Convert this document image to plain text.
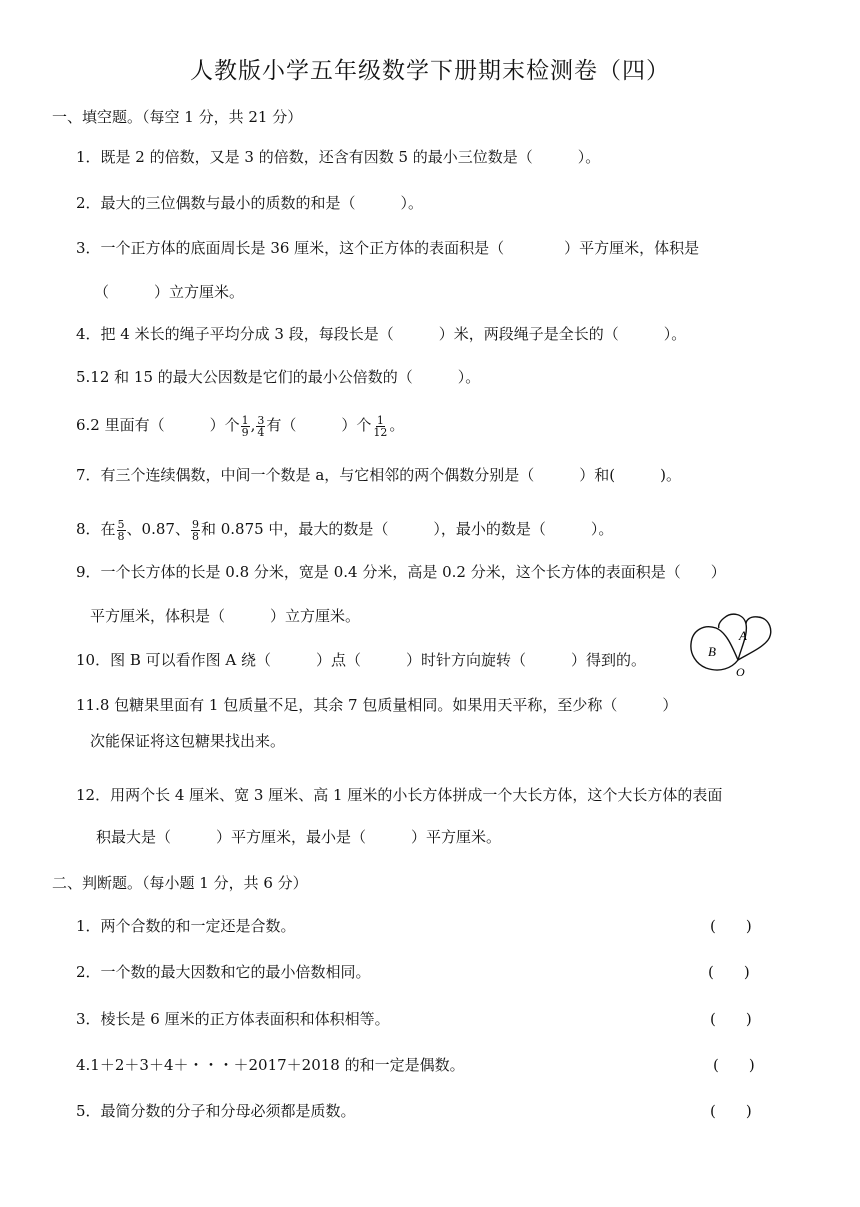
人教版小学五年级数学下册期末检测卷（四）
一、填空题。（每空 1 分，共 21 分）
1．既是 2 的倍数，又是 3 的倍数，还含有因数 5 的最小三位数是（　　　）。
2．最大的三位偶数与最小的质数的和是（　　　）。
3．一个正方体的底面周长是 36 厘米，这个正方体的表面积是（　　　　）平方厘米，体积是
（　　　）立方厘米。
4．把 4 米长的绳子平均分成 3 段，每段长是（　　　）米，两段绳子是全长的（　　　）。
5.12 和 15 的最大公因数是它们的最小公倍数的（　　　）。
6.2 里面有（　　　）个 $\frac{1}{9}$ , $\frac{3}{4}$ 有（　　　）个 $\frac{1}{12}$ 。
7．有三个连续偶数，中间一个数是 a，与它相邻的两个偶数分别是（　　　）和(　　　)。
8．在 $\frac{5}{8}$ 、0.87、 $\frac{9}{8}$ 和 0.875 中，最大的数是（　　　），最小的数是（　　　）。
9．一个长方体的长是 0.8 分米，宽是 0.4 分米，高是 0.2 分米，这个长方体的表面积是（　　）
平方厘米，体积是（　　　）立方厘米。
10．图 B 可以看作图 A 绕（　　　）点（　　　）时针方向旋转（　　　）得到的。	B
A
O
11.8 包糖果里面有 1 包质量不足，其余 7 包质量相同。如果用天平称，至少称（　　　）
次能保证将这包糖果找出来。
12．用两个长 4 厘米、宽 3 厘米、高 1 厘米的小长方体拼成一个大长方体，这个大长方体的表面
积最大是（　　　）平方厘米，最小是（　　　）平方厘米。
二、判断题。（每小题 1 分，共 6 分）
1．两个合数的和一定还是合数。	(　　)
2．一个数的最大因数和它的最小倍数相同。	(　　)
3．棱长是 6 厘米的正方体表面积和体积相等。	(　　)
4.1＋2＋3＋4＋・・・＋2017＋2018 的和一定是偶数。	(　　)
5．最简分数的分子和分母必须都是质数。	(　　)
